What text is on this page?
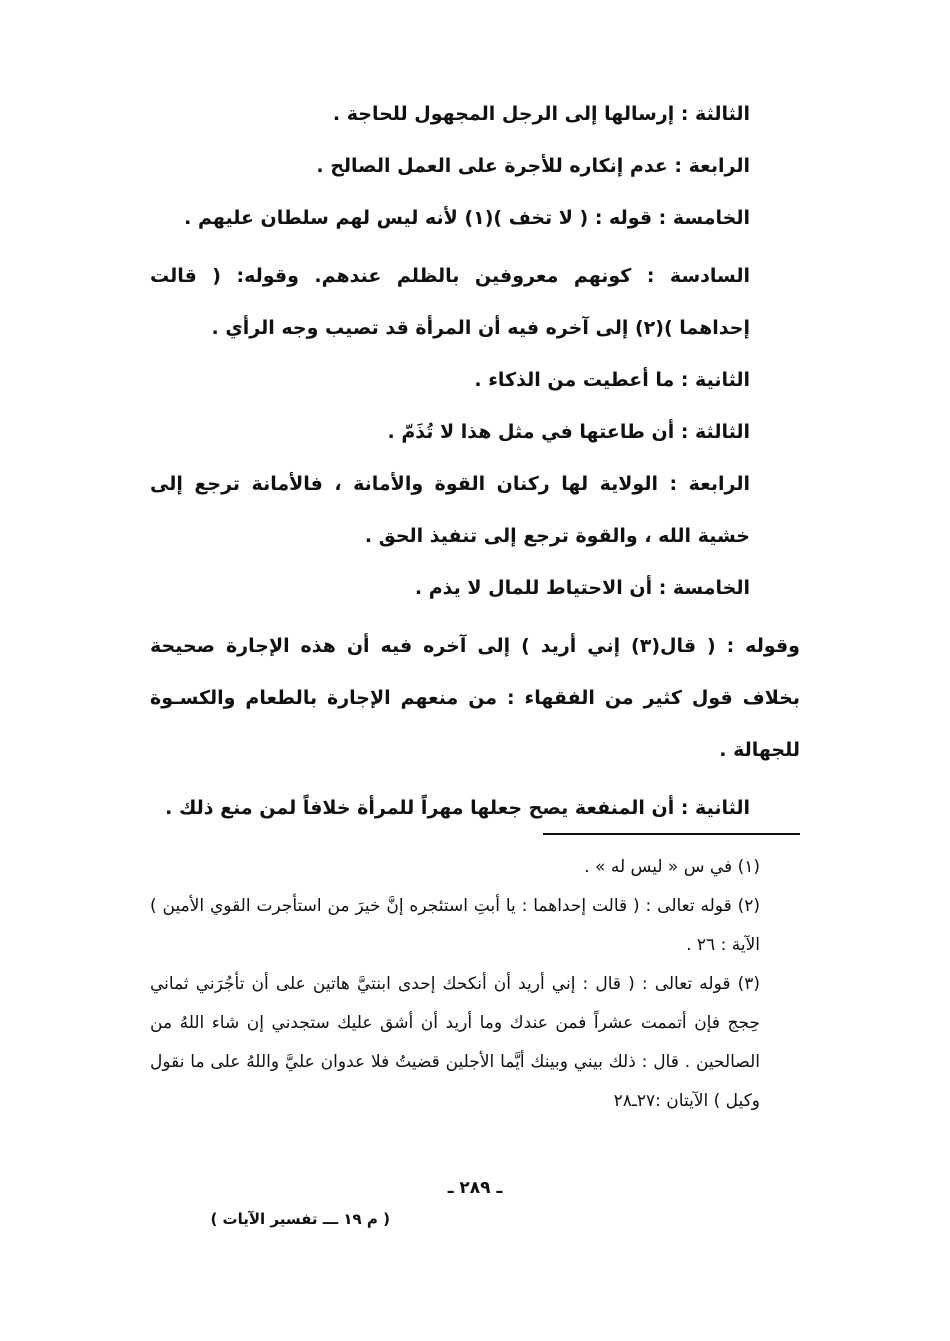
الثالثة : إرسالها إلى الرجل المجهول للحاجة .

الرابعة : عدم إنكاره للأجرة على العمل الصالح .

الخامسة : قوله : ( لا تخف )(١) لأنه ليس لهم سلطان عليهم .

السادسة : كونهم معروفين بالظلم عندهم. وقوله: ( قالت إحداهما )(٢) إلى آخره فيه أن المرأة قد تصيب وجه الرأي .

الثانية : ما أعطيت من الذكاء .

الثالثة : أن طاعتها في مثل هذا لا تُذَمّ .

الرابعة : الولاية لها ركنان القوة والأمانة ، فالأمانة ترجع إلى خشية الله ، والقوة ترجع إلى تنفيذ الحق .

الخامسة : أن الاحتياط للمال لا يذم .

وقوله : ( قال(٣) إني أريد ) إلى آخره فيه أن هذه الإجارة صحيحة بخلاف قول كثير من الفقهاء : من منعهم الإجارة بالطعام والكسـوة للجهالة .

الثانية : أن المنفعة يصح جعلها مهراً للمرأة خلافاً لمن منع ذلك .

(١) في س « ليس له » .

(٢) قوله تعالى : ( قالت إحداهما : يا أبتِ استئجره إنَّ خيرَ من استأجرت القوي الأمين ) الآية : ٢٦ .

(٣) قوله تعالى : ( قال : إني أريد أن أنكحك إحدى ابنتيَّ هاتين على أن تأجُرَني ثماني حِجج فإن أتممت عشراً فمن عندك وما أريد أن أشق عليك ستجدني إن شاء اللهُ من الصالحين . قال : ذلك بيني وبينك أيَّما الأجلين قضيتُ فلا عدوان عليَّ واللهُ على ما نقول وكيل ) الآيتان :٢٧ـ٢٨

ـ ٢٨٩ ـ
( م ١٩ ـــ تفسير الآيات )
